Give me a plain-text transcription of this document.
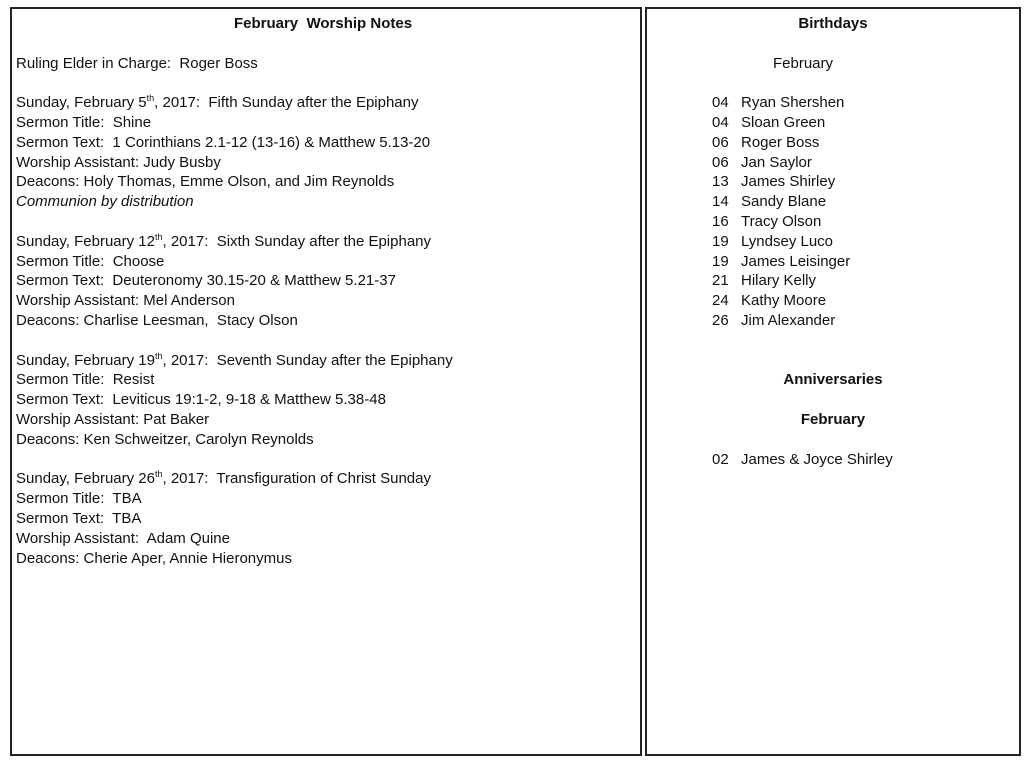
February  Worship Notes
Ruling Elder in Charge:  Roger Boss
Sunday, February 5th, 2017:  Fifth Sunday after the Epiphany
Sermon Title:  Shine
Sermon Text:  1 Corinthians 2.1-12 (13-16) & Matthew 5.13-20
Worship Assistant: Judy Busby
Deacons: Holy Thomas, Emme Olson, and Jim Reynolds
Communion by distribution
Sunday, February 12th, 2017:  Sixth Sunday after the Epiphany
Sermon Title:  Choose
Sermon Text:  Deuteronomy 30.15-20 & Matthew 5.21-37
Worship Assistant: Mel Anderson
Deacons: Charlise Leesman,  Stacy Olson
Sunday, February 19th, 2017:  Seventh Sunday after the Epiphany
Sermon Title:  Resist
Sermon Text:  Leviticus 19:1-2, 9-18 & Matthew 5.38-48
Worship Assistant: Pat Baker
Deacons: Ken Schweitzer, Carolyn Reynolds
Sunday, February 26th, 2017:  Transfiguration of Christ Sunday
Sermon Title:  TBA
Sermon Text:  TBA
Worship Assistant:  Adam Quine
Deacons: Cherie Aper, Annie Hieronymus
Birthdays
February
04 Ryan Shershen
04 Sloan Green
06 Roger Boss
06 Jan Saylor
13 James Shirley
14 Sandy Blane
16 Tracy Olson
19 Lyndsey Luco
19 James Leisinger
21 Hilary Kelly
24 Kathy Moore
26 Jim Alexander
Anniversaries
February
02 James & Joyce Shirley
